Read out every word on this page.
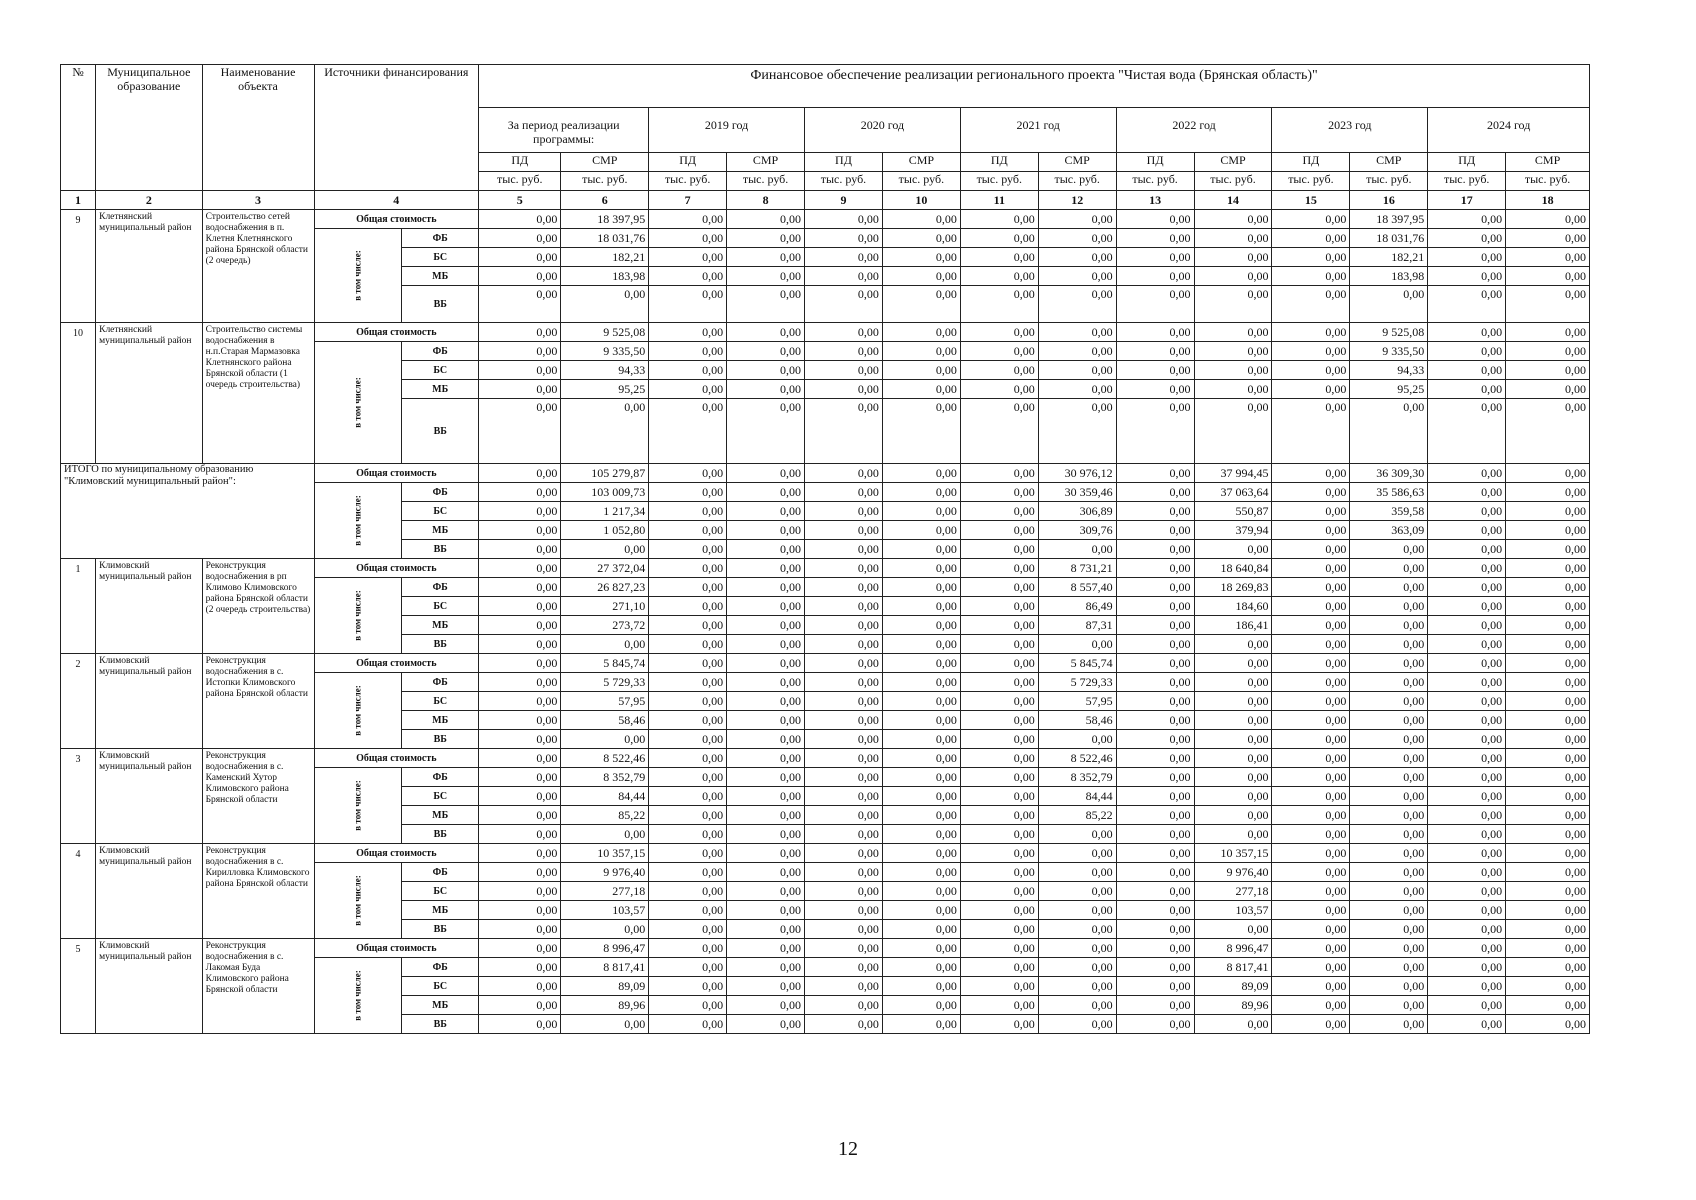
№	Муниципальное образование	Наименование объекта	Источники финансирования		Финансовое обеспечение реализации регионального проекта "Чистая вода (Брянская область)"													
					За период реализации программы:		2019 год		2020 год		2021 год		2022 год		2023 год		2024 год	
					ПД	СМР	ПД	СМР	ПД	СМР	ПД	СМР	ПД	СМР	ПД	СМР	ПД	СМР
					тыс. руб.	тыс. руб.	тыс. руб.	тыс. руб.	тыс. руб.	тыс. руб.	тыс. руб.	тыс. руб.	тыс. руб.	тыс. руб.	тыс. руб.	тыс. руб.	тыс. руб.	тыс. руб.
1	2	3	4		5	6	7	8	9	10	11	12	13	14	15	16	17	18
9	Клетнянский муниципальный район	Строительство сетей водоснабжения в п. Клетня Клетнянского района Брянской области (2 очередь)	Общая стоимость		0,00	18 397,95	0,00	0,00	0,00	0,00	0,00	0,00	0,00	0,00	0,00	18 397,95	0,00	0,00
			в том числе:	ФБ	0,00	18 031,76	0,00	0,00	0,00	0,00	0,00	0,00	0,00	0,00	0,00	18 031,76	0,00	0,00
				БС	0,00	182,21	0,00	0,00	0,00	0,00	0,00	0,00	0,00	0,00	0,00	182,21	0,00	0,00
				МБ	0,00	183,98	0,00	0,00	0,00	0,00	0,00	0,00	0,00	0,00	0,00	183,98	0,00	0,00
				ВБ	0,00	0,00	0,00	0,00	0,00	0,00	0,00	0,00	0,00	0,00	0,00	0,00	0,00	0,00
10	Клетнянский муниципальный район	Строительство системы водоснабжения в н.п.Старая Мармазовка Клетнянского района Брянской области (1 очередь строительства)	Общая стоимость		0,00	9 525,08	0,00	0,00	0,00	0,00	0,00	0,00	0,00	0,00	0,00	9 525,08	0,00	0,00
			в том числе:	ФБ	0,00	9 335,50	0,00	0,00	0,00	0,00	0,00	0,00	0,00	0,00	0,00	9 335,50	0,00	0,00
				БС	0,00	94,33	0,00	0,00	0,00	0,00	0,00	0,00	0,00	0,00	0,00	94,33	0,00	0,00
				МБ	0,00	95,25	0,00	0,00	0,00	0,00	0,00	0,00	0,00	0,00	0,00	95,25	0,00	0,00
				ВБ	0,00	0,00	0,00	0,00	0,00	0,00	0,00	0,00	0,00	0,00	0,00	0,00	0,00	0,00
ИТОГО по муниципальному образованию "Климовский муниципальный район":			Общая стоимость		0,00	105 279,87	0,00	0,00	0,00	0,00	0,00	30 976,12	0,00	37 994,45	0,00	36 309,30	0,00	0,00
			в том числе:	ФБ	0,00	103 009,73	0,00	0,00	0,00	0,00	0,00	30 359,46	0,00	37 063,64	0,00	35 586,63	0,00	0,00
				БС	0,00	1 217,34	0,00	0,00	0,00	0,00	0,00	306,89	0,00	550,87	0,00	359,58	0,00	0,00
				МБ	0,00	1 052,80	0,00	0,00	0,00	0,00	0,00	309,76	0,00	379,94	0,00	363,09	0,00	0,00
				ВБ	0,00	0,00	0,00	0,00	0,00	0,00	0,00	0,00	0,00	0,00	0,00	0,00	0,00	0,00
1	Климовский муниципальный район	Реконструкция водоснабжения в рп Климово Климовского района Брянской области (2 очередь строительства)	Общая стоимость		0,00	27 372,04	0,00	0,00	0,00	0,00	0,00	8 731,21	0,00	18 640,84	0,00	0,00	0,00	0,00
			в том числе:	ФБ	0,00	26 827,23	0,00	0,00	0,00	0,00	0,00	8 557,40	0,00	18 269,83	0,00	0,00	0,00	0,00
				БС	0,00	271,10	0,00	0,00	0,00	0,00	0,00	86,49	0,00	184,60	0,00	0,00	0,00	0,00
				МБ	0,00	273,72	0,00	0,00	0,00	0,00	0,00	87,31	0,00	186,41	0,00	0,00	0,00	0,00
				ВБ	0,00	0,00	0,00	0,00	0,00	0,00	0,00	0,00	0,00	0,00	0,00	0,00	0,00	0,00
2	Климовский муниципальный район	Реконструкция водоснабжения в с. Истопки Климовского района Брянской области	Общая стоимость		0,00	5 845,74	0,00	0,00	0,00	0,00	0,00	5 845,74	0,00	0,00	0,00	0,00	0,00	0,00
			в том числе:	ФБ	0,00	5 729,33	0,00	0,00	0,00	0,00	0,00	5 729,33	0,00	0,00	0,00	0,00	0,00	0,00
				БС	0,00	57,95	0,00	0,00	0,00	0,00	0,00	57,95	0,00	0,00	0,00	0,00	0,00	0,00
				МБ	0,00	58,46	0,00	0,00	0,00	0,00	0,00	58,46	0,00	0,00	0,00	0,00	0,00	0,00
				ВБ	0,00	0,00	0,00	0,00	0,00	0,00	0,00	0,00	0,00	0,00	0,00	0,00	0,00	0,00
3	Климовский муниципальный район	Реконструкция водоснабжения в с. Каменский Хутор Климовского района Брянской области	Общая стоимость		0,00	8 522,46	0,00	0,00	0,00	0,00	0,00	8 522,46	0,00	0,00	0,00	0,00	0,00	0,00
			в том числе:	ФБ	0,00	8 352,79	0,00	0,00	0,00	0,00	0,00	8 352,79	0,00	0,00	0,00	0,00	0,00	0,00
				БС	0,00	84,44	0,00	0,00	0,00	0,00	0,00	84,44	0,00	0,00	0,00	0,00	0,00	0,00
				МБ	0,00	85,22	0,00	0,00	0,00	0,00	0,00	85,22	0,00	0,00	0,00	0,00	0,00	0,00
				ВБ	0,00	0,00	0,00	0,00	0,00	0,00	0,00	0,00	0,00	0,00	0,00	0,00	0,00	0,00
4	Климовский муниципальный район	Реконструкция водоснабжения в с. Кирилловка Климовского района Брянской области	Общая стоимость		0,00	10 357,15	0,00	0,00	0,00	0,00	0,00	0,00	0,00	10 357,15	0,00	0,00	0,00	0,00
			в том числе:	ФБ	0,00	9 976,40	0,00	0,00	0,00	0,00	0,00	0,00	0,00	9 976,40	0,00	0,00	0,00	0,00
				БС	0,00	277,18	0,00	0,00	0,00	0,00	0,00	0,00	0,00	277,18	0,00	0,00	0,00	0,00
				МБ	0,00	103,57	0,00	0,00	0,00	0,00	0,00	0,00	0,00	103,57	0,00	0,00	0,00	0,00
				ВБ	0,00	0,00	0,00	0,00	0,00	0,00	0,00	0,00	0,00	0,00	0,00	0,00	0,00	0,00
5	Климовский муниципальный район	Реконструкция водоснабжения в с. Лакомая Буда Климовского района Брянской области	Общая стоимость		0,00	8 996,47	0,00	0,00	0,00	0,00	0,00	0,00	0,00	8 996,47	0,00	0,00	0,00	0,00
			в том числе:	ФБ	0,00	8 817,41	0,00	0,00	0,00	0,00	0,00	0,00	0,00	8 817,41	0,00	0,00	0,00	0,00
				БС	0,00	89,09	0,00	0,00	0,00	0,00	0,00	0,00	0,00	89,09	0,00	0,00	0,00	0,00
				МБ	0,00	89,96	0,00	0,00	0,00	0,00	0,00	0,00	0,00	89,96	0,00	0,00	0,00	0,00
				ВБ	0,00	0,00	0,00	0,00	0,00	0,00	0,00	0,00	0,00	0,00	0,00	0,00	0,00	0,00
12
